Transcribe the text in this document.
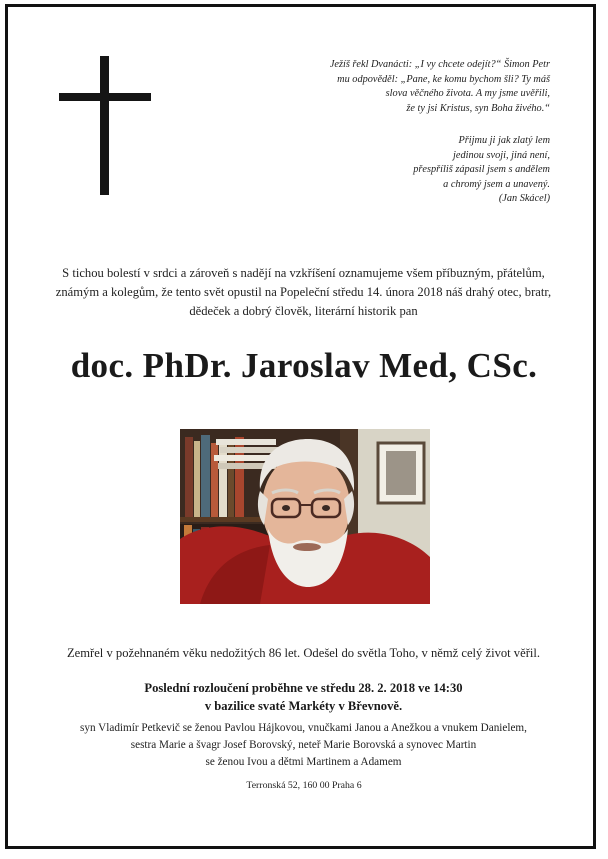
Ježíš řekl Dvanácti: „I vy chcete odejít?“ Šimon Petr
mu odpověděl: „Pane, ke komu bychom šli? Ty máš
slova věčného života. A my jsme uvěřili,
že ty jsi Kristus, syn Boha živého.“
Přijmu ji jak zlatý lem
jedinou svoji, jiná není,
přespříliš zápasil jsem s andělem
a chromý jsem a unavený.
(Jan Skácel)
S tichou bolestí v srdci a zároveň s nadějí na vzkříšení oznamujeme všem příbuzným, přátelům,
známým a kolegům, že tento svět opustil na Popeleční středu 14. února 2018 náš drahý otec, bratr,
dědeček a dobrý člověk, literární historik pan
doc. PhDr. Jaroslav Med, CSc.
Zemřel v požehnaném věku nedožitých 86 let. Odešel do světla Toho, v němž celý život věřil.
Poslední rozloučení proběhne ve středu 28. 2. 2018 ve 14:30
v bazilice svaté Markéty v Břevnově.
syn Vladimír Petkevič se ženou Pavlou Hájkovou, vnučkami Janou a Anežkou a vnukem Danielem,
sestra Marie a švagr Josef Borovský, neteř Marie Borovská a synovec Martin
se ženou Ivou a dětmi Martinem a Adamem
Terronská 52, 160 00 Praha 6
